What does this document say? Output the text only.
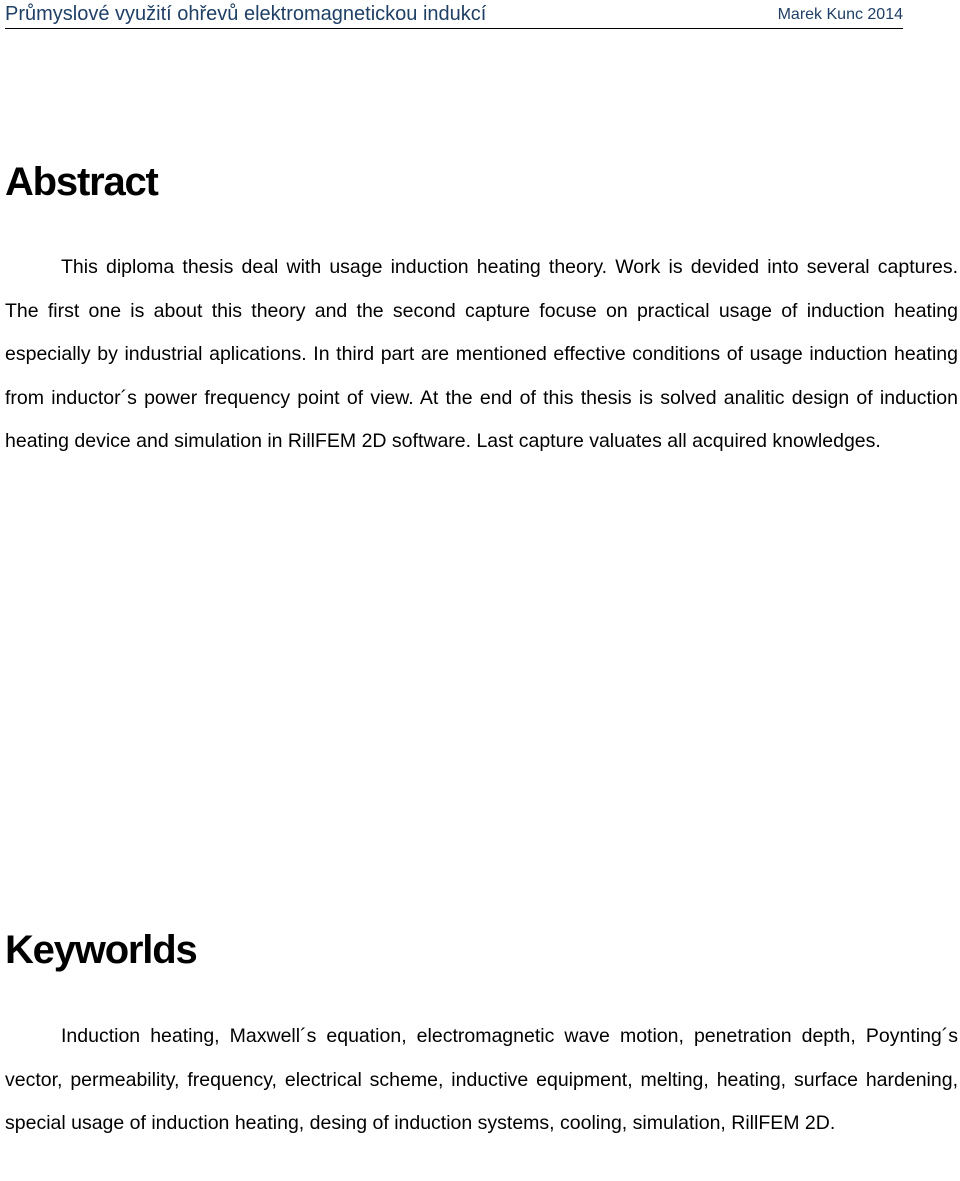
Průmyslové využití ohřevů elektromagnetickou indukcí	Marek Kunc 2014
Abstract

This diploma thesis deal with usage induction heating theory. Work is devided into several captures. The first one is about this theory and the second capture focuse on practical usage of induction heating especially by industrial aplications. In third part are mentioned effective conditions of usage induction heating from inductor´s power frequency point of view. At the end of this thesis is solved analitic design of induction heating device and simulation in RillFEM 2D software. Last capture valuates all acquired knowledges.

Keyworlds

Induction heating, Maxwell´s equation, electromagnetic wave motion, penetration depth, Poynting´s vector, permeability, frequency, electrical scheme, inductive equipment, melting, heating, surface hardening, special usage of induction heating, desing of induction systems, cooling, simulation, RillFEM 2D.
